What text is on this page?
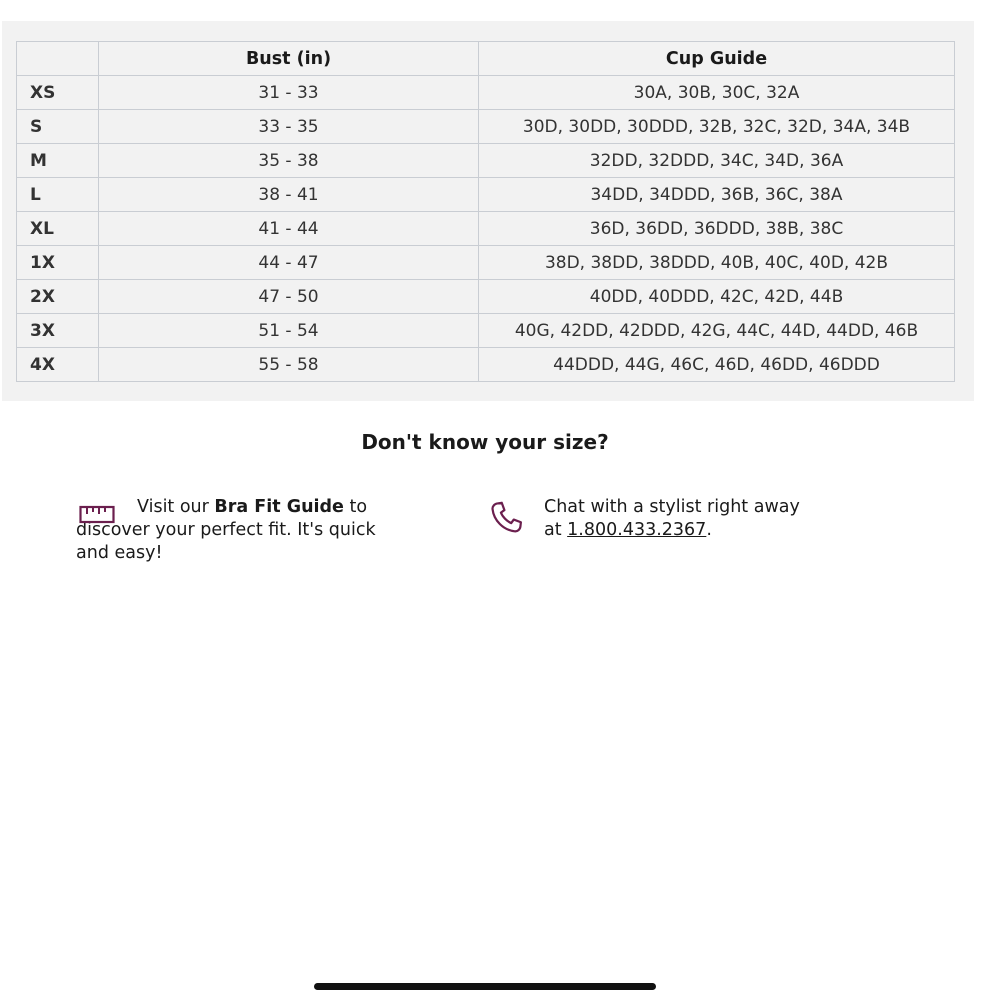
	Bust (in)	Cup Guide
XS	31 - 33	30A, 30B, 30C, 32A
S	33 - 35	30D, 30DD, 30DDD, 32B, 32C, 32D, 34A, 34B
M	35 - 38	32DD, 32DDD, 34C, 34D, 36A
L	38 - 41	34DD, 34DDD, 36B, 36C, 38A
XL	41 - 44	36D, 36DD, 36DDD, 38B, 38C
1X	44 - 47	38D, 38DD, 38DDD, 40B, 40C, 40D, 42B
2X	47 - 50	40DD, 40DDD, 42C, 42D, 44B
3X	51 - 54	40G, 42DD, 42DDD, 42G, 44C, 44D, 44DD, 46B
4X	55 - 58	44DDD, 44G, 46C, 46D, 46DD, 46DDD
Don't know your size?
Visit our Bra Fit Guide to discover your perfect fit. It's quick and easy!
Chat with a stylist right away at 1.800.433.2367.
